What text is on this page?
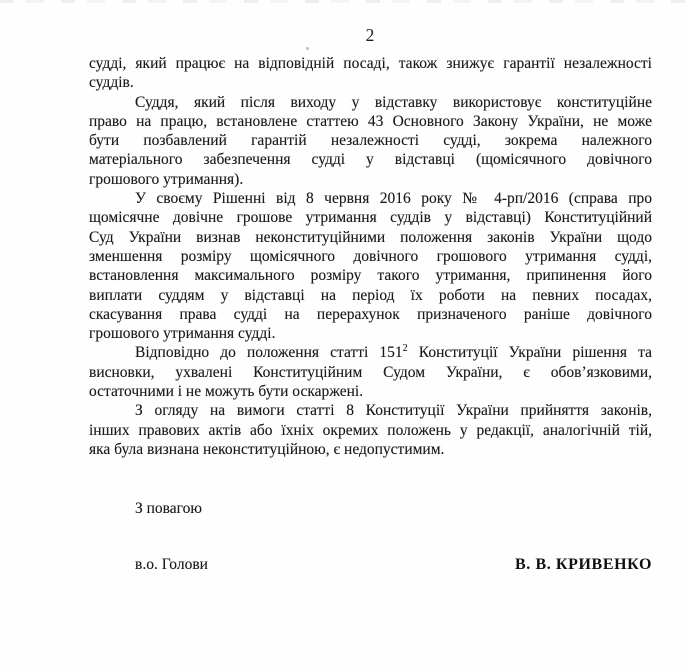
2
судді, який працює на відповідній посаді, також знижує гарантії незалежності
суддів.
Суддя, який після виходу у відставку використовує конституційне
право на працю, встановлене статтею 43 Основного Закону України, не може
бути позбавлений гарантій незалежності судді, зокрема належного
матеріального забезпечення судді у відставці (щомісячного довічного
грошового утримання).
У своєму Рішенні від 8 червня 2016 року № 4-рп/2016 (справа про
щомісячне довічне грошове утримання суддів у відставці) Конституційний
Суд України визнав неконституційними положення законів України щодо
зменшення розміру щомісячного довічного грошового утримання судді,
встановлення максимального розміру такого утримання, припинення його
виплати суддям у відставці на період їх роботи на певних посадах,
скасування права судді на перерахунок призначеного раніше довічного
грошового утримання судді.
Відповідно до положення статті $151^2$ Конституції України рішення та
висновки, ухвалені Конституційним Судом України, є обов’язковими,
остаточними і не можуть бути оскаржені.
З огляду на вимоги статті 8 Конституції України прийняття законів,
інших правових актів або їхніх окремих положень у редакції, аналогічній тій,
яка була визнана неконституційною, є недопустимим.
З повагою
в.о. Голови	В. В. КРИВЕНКО
